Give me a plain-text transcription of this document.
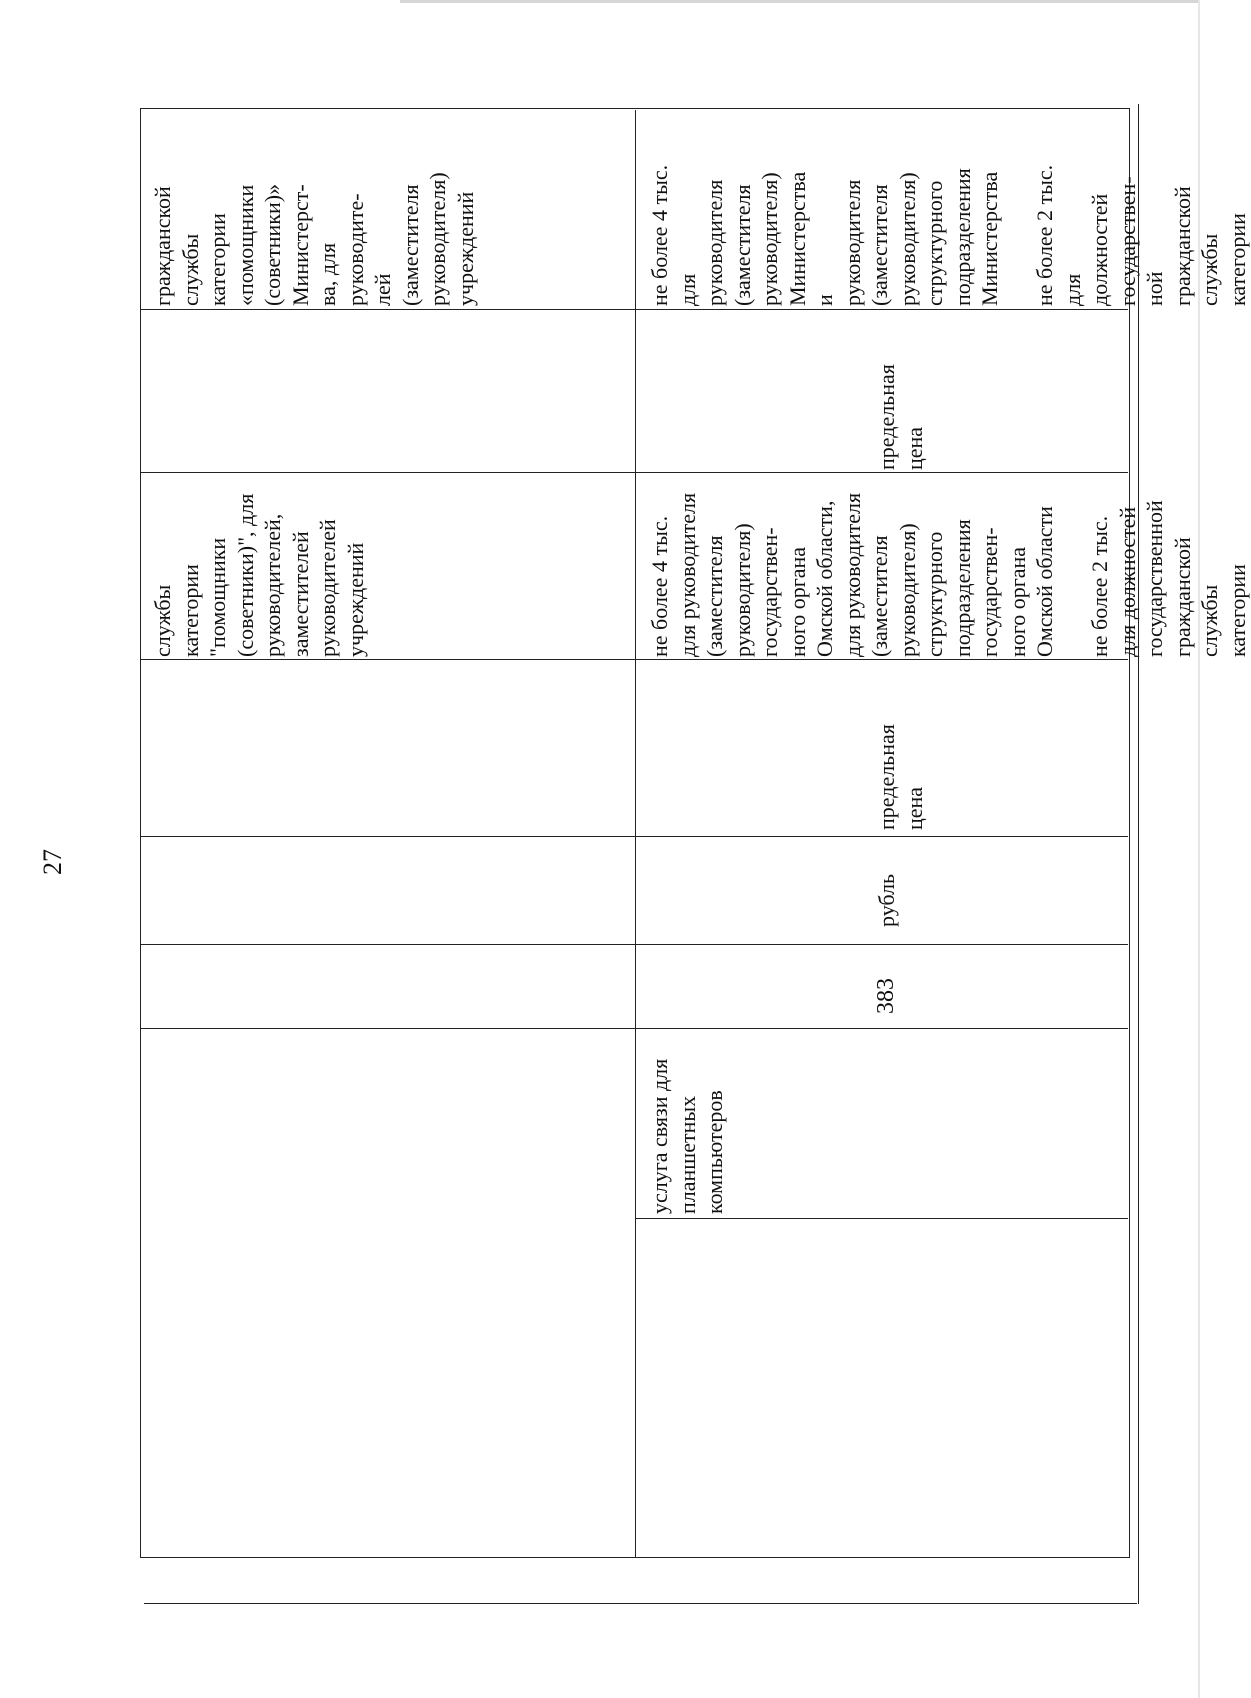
27
службы
категории
"помощники
(советники)", для
руководителей,
заместителей
руководителей
учреждений
гражданской
службы
категории
«помощники
(советники)»
Министерст-
ва, для
руководите-
лей
(заместителя
руководителя)
учреждений
услуга связи для
планшетных
компьютеров
383
рубль
предельная
цена
не более 4 тыс.
для руководителя
(заместителя
руководителя)
государствен-
ного органа
Омской области,
для руководителя
(заместителя
руководителя)
структурного
подразделения
государствен-
ного органа
Омской области

не более 2 тыс.
для должностей
государственной
гражданской
службы
категории
предельная
цена
не более 4 тыс.
для
руководителя
(заместителя
руководителя)
Министерства
и
руководителя
(заместителя
руководителя)
структурного
подразделения
Министерства

не более 2 тыс.
для
должностей
государствен-
ной
гражданской
службы
категории
